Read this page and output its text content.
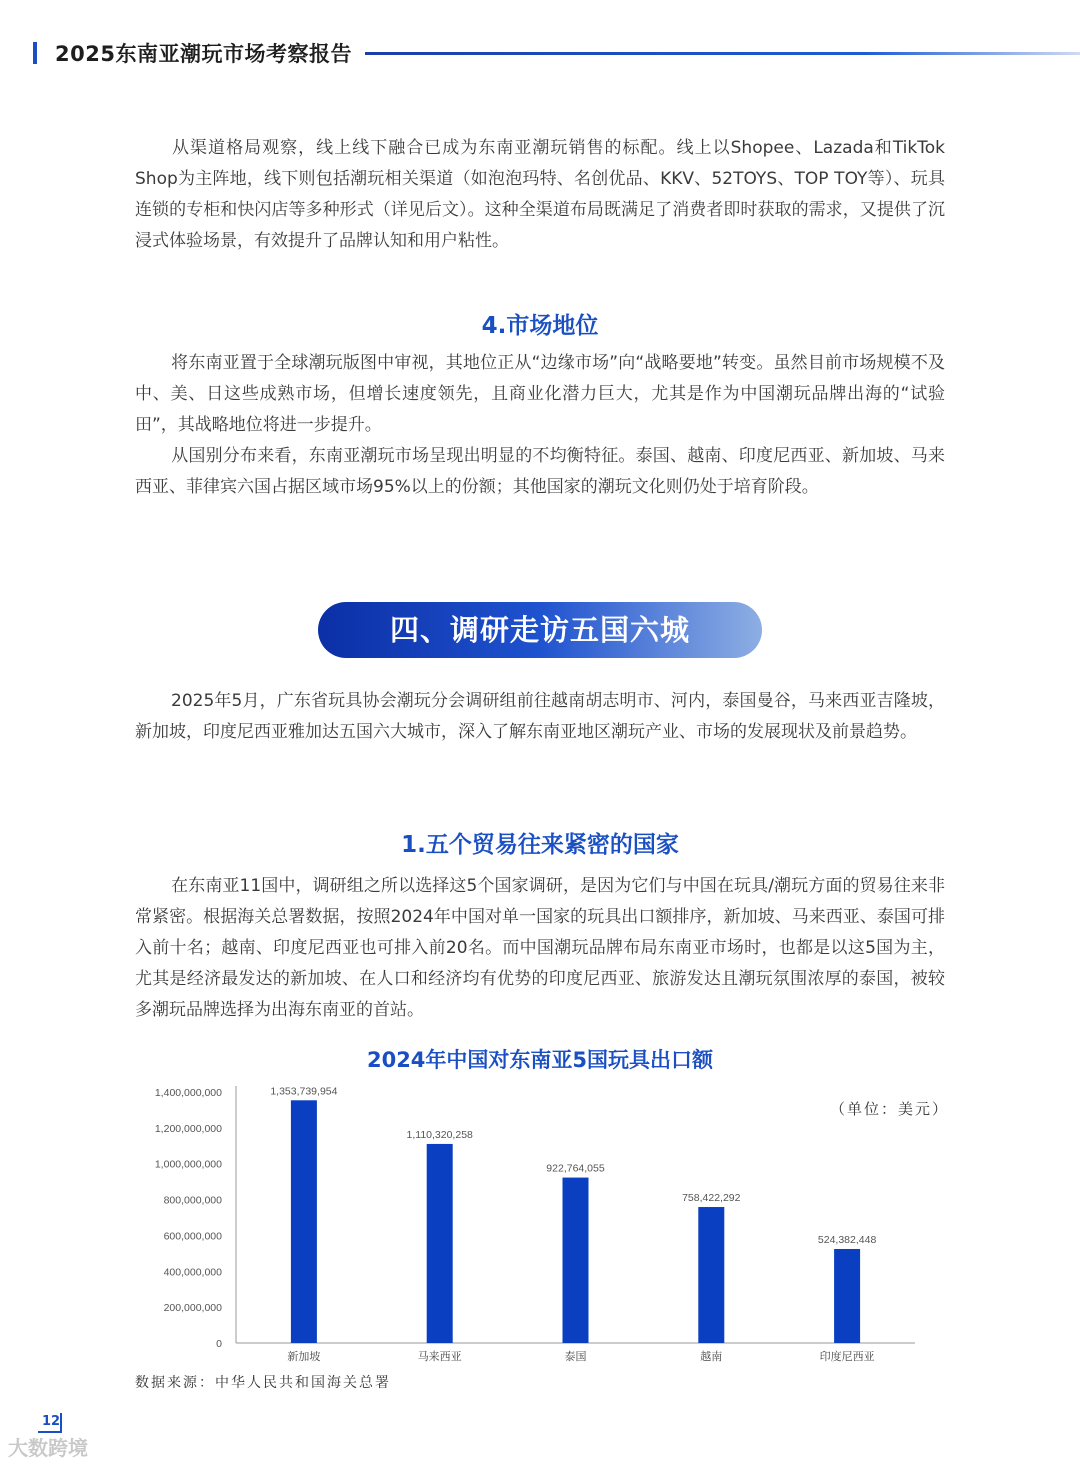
2025东南亚潮玩市场考察报告

从渠道格局观察，线上线下融合已成为东南亚潮玩销售的标配。线上以Shopee、Lazada和TikTok Shop为主阵地，线下则包括潮玩相关渠道（如泡泡玛特、名创优品、KKV、52TOYS、TOP TOY等）、玩具连锁的专柜和快闪店等多种形式（详见后文）。这种全渠道布局既满足了消费者即时获取的需求，又提供了沉浸式体验场景，有效提升了品牌认知和用户粘性。

4.市场地位

将东南亚置于全球潮玩版图中审视，其地位正从“边缘市场”向“战略要地”转变。虽然目前市场规模不及中、美、日这些成熟市场，但增长速度领先，且商业化潜力巨大，尤其是作为中国潮玩品牌出海的“试验田”，其战略地位将进一步提升。

从国别分布来看，东南亚潮玩市场呈现出明显的不均衡特征。泰国、越南、印度尼西亚、新加坡、马来西亚、菲律宾六国占据区域市场95%以上的份额；其他国家的潮玩文化则仍处于培育阶段。

四、调研走访五国六城

2025年5月，广东省玩具协会潮玩分会调研组前往越南胡志明市、河内，泰国曼谷，马来西亚吉隆坡，新加坡，印度尼西亚雅加达五国六大城市，深入了解东南亚地区潮玩产业、市场的发展现状及前景趋势。

1.五个贸易往来紧密的国家

在东南亚11国中，调研组之所以选择这5个国家调研，是因为它们与中国在玩具/潮玩方面的贸易往来非常紧密。根据海关总署数据，按照2024年中国对单一国家的玩具出口额排序，新加坡、马来西亚、泰国可排入前十名；越南、印度尼西亚也可排入前20名。而中国潮玩品牌布局东南亚市场时，也都是以这5国为主，尤其是经济最发达的新加坡、在人口和经济均有优势的印度尼西亚、旅游发达且潮玩氛围浓厚的泰国，被较多潮玩品牌选择为出海东南亚的首站。

2024年中国对东南亚5国玩具出口额
（单位：美元）
0
200,000,000
400,000,000
600,000,000
800,000,000
1,000,000,000
1,200,000,000
1,400,000,000	1,353,739,954
新加坡
1,110,320,258
马来西亚
922,764,055
泰国
758,422,292
越南
524,382,448
印度尼西亚
数据来源：中华人民共和国海关总署
12
大数跨境
